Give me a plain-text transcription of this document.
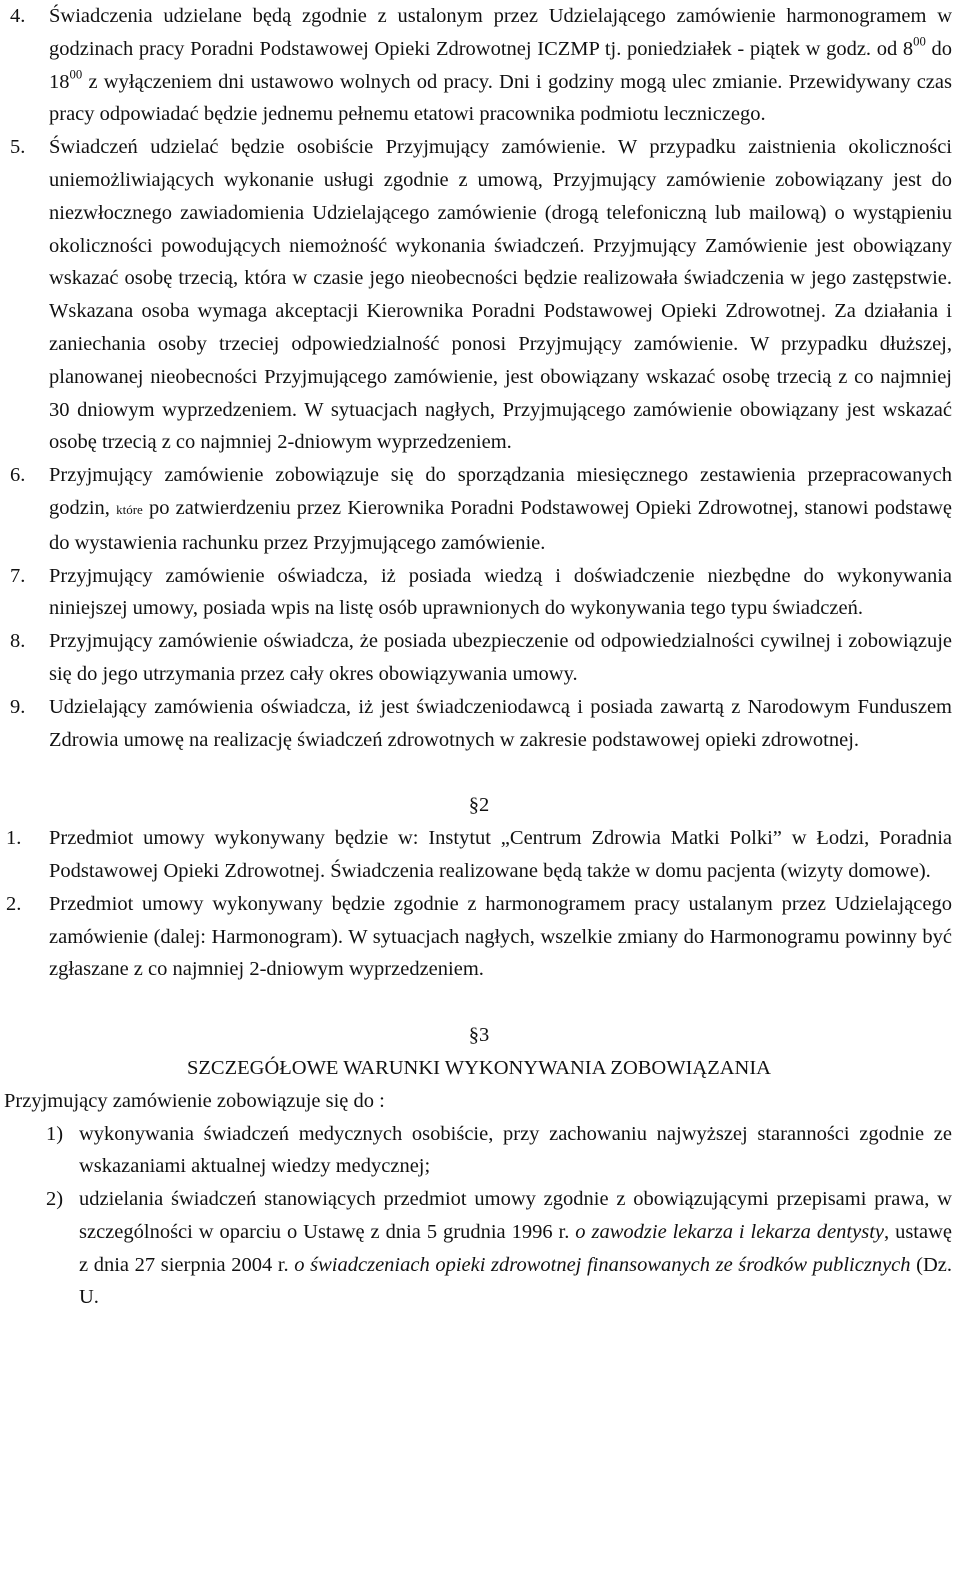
4. Świadczenia udzielane będą zgodnie z ustalonym przez Udzielającego zamówienie harmonogramem w godzinach pracy Poradni Podstawowej Opieki Zdrowotnej ICZMP tj. poniedziałek - piątek w godz. od $8^{00}$ do $18^{00}$ z wyłączeniem dni ustawowo wolnych od pracy. Dni i godziny mogą ulec zmianie. Przewidywany czas pracy odpowiadać będzie jednemu pełnemu etatowi pracownika podmiotu leczniczego.
5. Świadczeń udzielać będzie osobiście Przyjmujący zamówienie. W przypadku zaistnienia okoliczności uniemożliwiających wykonanie usługi zgodnie z umową, Przyjmujący zamówienie zobowiązany jest do niezwłocznego zawiadomienia Udzielającego zamówienie (drogą telefoniczną lub mailową) o wystąpieniu okoliczności powodujących niemożność wykonania świadczeń. Przyjmujący Zamówienie jest obowiązany wskazać osobę trzecią, która w czasie jego nieobecności będzie realizowała świadczenia w jego zastępstwie. Wskazana osoba wymaga akceptacji Kierownika Poradni Podstawowej Opieki Zdrowotnej. Za działania i zaniechania osoby trzeciej odpowiedzialność ponosi Przyjmujący zamówienie. W przypadku dłuższej, planowanej nieobecności Przyjmującego zamówienie, jest obowiązany wskazać osobę trzecią z co najmniej 30 dniowym wyprzedzeniem. W sytuacjach nagłych, Przyjmującego zamówienie obowiązany jest wskazać osobę trzecią z co najmniej 2-dniowym wyprzedzeniem.
6. Przyjmujący zamówienie zobowiązuje się do sporządzania miesięcznego zestawienia przepracowanych godzin, które po zatwierdzeniu przez Kierownika Poradni Podstawowej Opieki Zdrowotnej, stanowi podstawę do wystawienia rachunku przez Przyjmującego zamówienie.
7. Przyjmujący zamówienie oświadcza, iż posiada wiedzą i doświadczenie niezbędne do wykonywania niniejszej umowy, posiada wpis na listę osób uprawnionych do wykonywania tego typu świadczeń.
8. Przyjmujący zamówienie oświadcza, że posiada ubezpieczenie od odpowiedzialności cywilnej i zobowiązuje się do jego utrzymania przez cały okres obowiązywania umowy.
9. Udzielający zamówienia oświadcza, iż jest świadczeniodawcą i posiada zawartą z Narodowym Funduszem Zdrowia umowę na realizację świadczeń zdrowotnych w zakresie podstawowej opieki zdrowotnej.
§2
1. Przedmiot umowy wykonywany będzie w: Instytut „Centrum Zdrowia Matki Polki” w Łodzi, Poradnia Podstawowej Opieki Zdrowotnej. Świadczenia realizowane będą także w domu pacjenta (wizyty domowe).
2. Przedmiot umowy wykonywany będzie zgodnie z harmonogramem pracy ustalanym przez Udzielającego zamówienie (dalej: Harmonogram). W sytuacjach nagłych, wszelkie zmiany do Harmonogramu powinny być zgłaszane z co najmniej 2-dniowym wyprzedzeniem.
§3
SZCZEGÓŁOWE WARUNKI WYKONYWANIA ZOBOWIĄZANIA
Przyjmujący zamówienie zobowiązuje się do :
1) wykonywania świadczeń medycznych osobiście, przy zachowaniu najwyższej staranności zgodnie ze wskazaniami aktualnej wiedzy medycznej;
2) udzielania świadczeń stanowiących przedmiot umowy zgodnie z obowiązującymi przepisami prawa, w szczególności w oparciu o Ustawę z dnia 5 grudnia 1996 r. o zawodzie lekarza i lekarza dentysty, ustawę z dnia 27 sierpnia 2004 r. o świadczeniach opieki zdrowotnej finansowanych ze środków publicznych (Dz. U.
